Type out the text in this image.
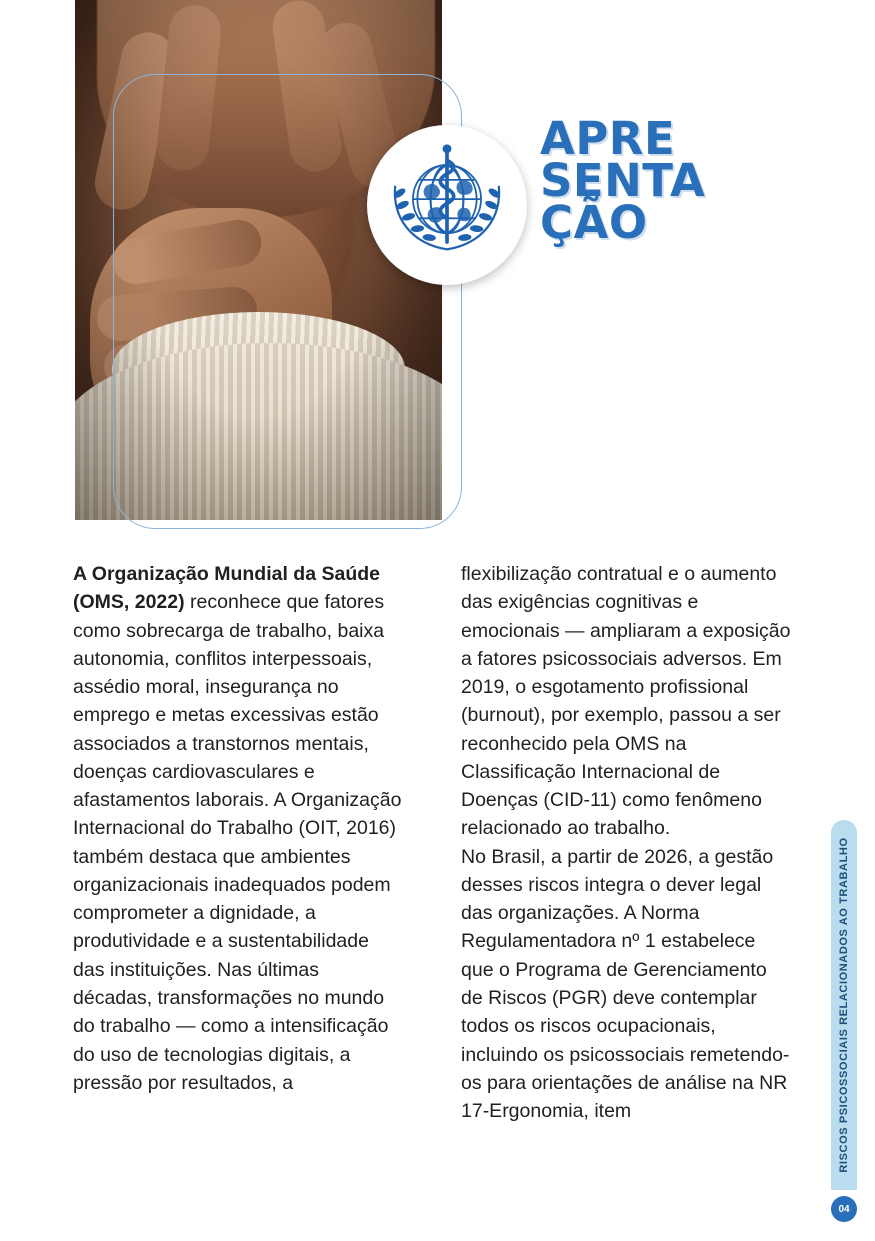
APRE
SENTA
ÇÃO

A Organização Mundial da Saúde (OMS, 2022) reconhece que fatores como sobrecarga de trabalho, baixa autonomia, conflitos interpessoais, assédio moral, insegurança no emprego e metas excessivas estão associados a transtornos mentais, doenças cardiovasculares e afastamentos laborais. A Organização Internacional do Trabalho (OIT, 2016) também destaca que ambientes organizacionais inadequados podem comprometer a dignidade, a produtividade e a sustentabilidade das instituições. Nas últimas décadas, transformações no mundo do trabalho — como a intensificação do uso de tecnologias digitais, a pressão por resultados, a

flexibilização contratual e o aumento das exigências cognitivas e emocionais — ampliaram a exposição a fatores psicossociais adversos. Em 2019, o esgotamento profissional (burnout), por exemplo, passou a ser reconhecido pela OMS na Classificação Internacional de Doenças (CID-11) como fenômeno relacionado ao trabalho.

No Brasil, a partir de 2026, a gestão desses riscos integra o dever legal das organizações. A Norma Regulamentadora nº 1 estabelece que o Programa de Gerenciamento de Riscos (PGR) deve contemplar todos os riscos ocupacionais, incluindo os psicossociais remetendo-os para orientações de análise na NR 17-Ergonomia, item	RISCOS PSICOSSOCIAIS RELACIONADOS AO TRABALHO
04
